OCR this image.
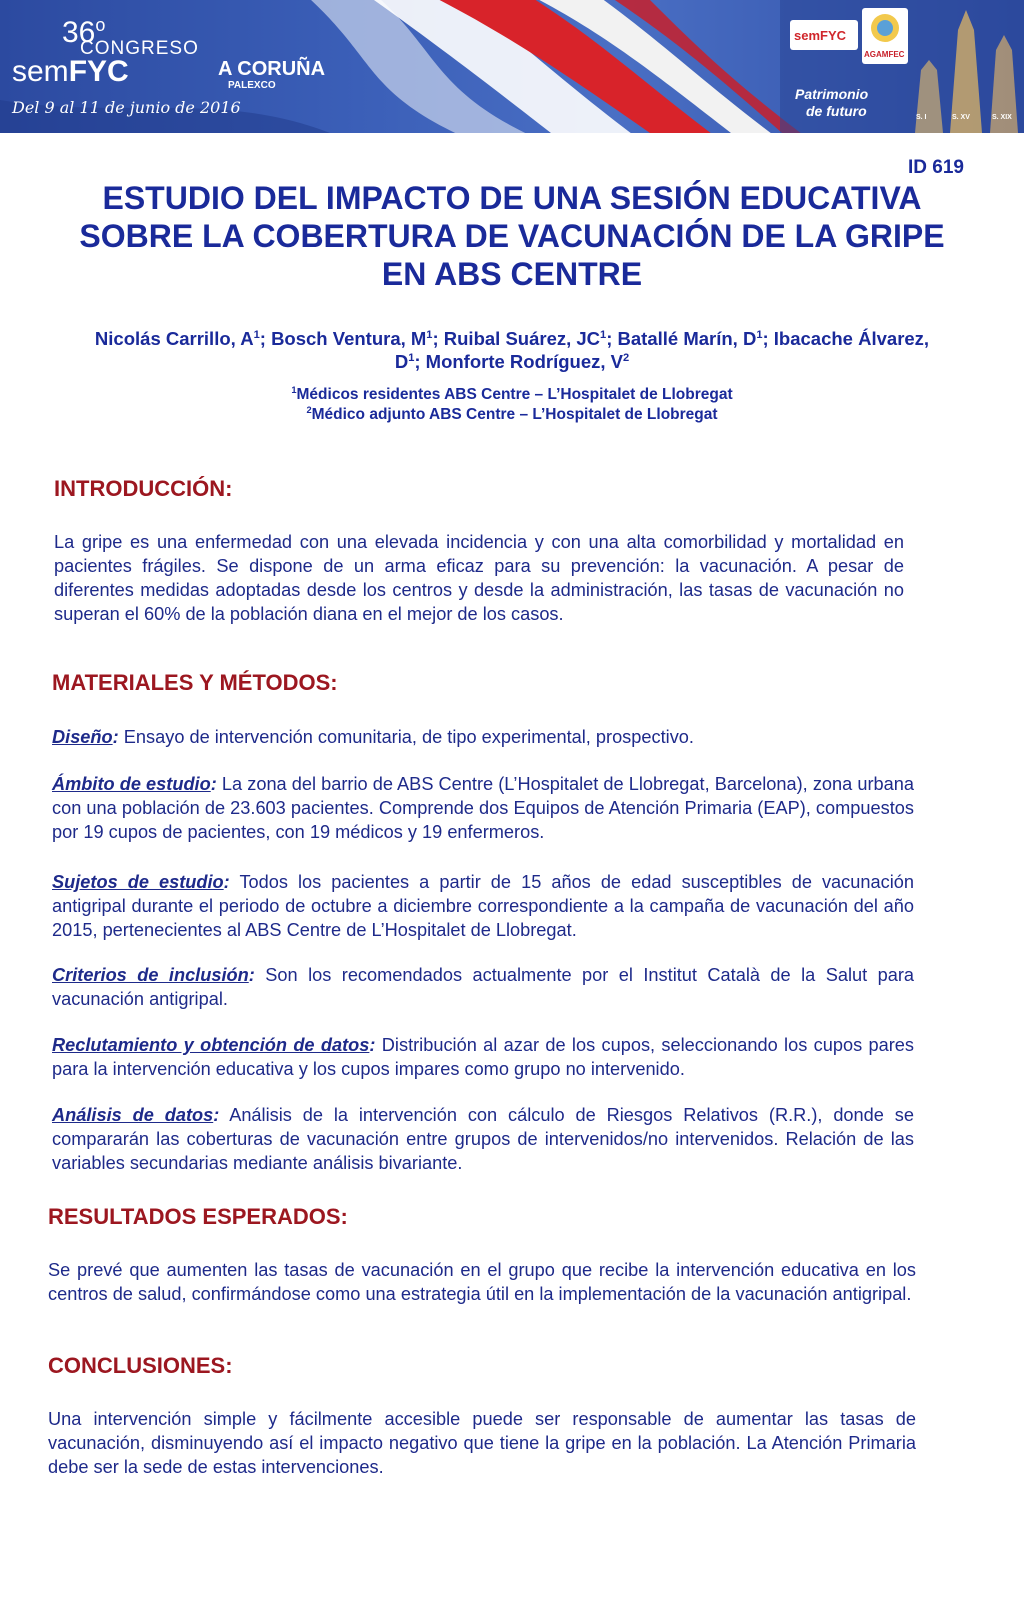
36$^o$
CONGRESO
semFYC	A CORUÑA
PALEXCO
Del 9 al 11 de junio de 2016
Patrimonio
de futuro
semFYC
AGAMFEC
S. I	S. XV	S. XIX
ID 619
ESTUDIO DEL IMPACTO DE UNA SESIÓN EDUCATIVA SOBRE LA COBERTURA DE VACUNACIÓN DE LA GRIPE EN ABS CENTRE
Nicolás Carrillo, $A^1$; Bosch Ventura, $M^1$; Ruibal Suárez, $JC^1$; Batallé Marín, $D^1$; Ibacache Álvarez, $D^1$; Monforte Rodríguez, $V^2$
$^1$Médicos residentes ABS Centre – L’Hospitalet de Llobregat
$^2$Médico adjunto ABS Centre – L’Hospitalet de Llobregat
INTRODUCCIÓN:
La gripe es una enfermedad con una elevada incidencia y con una alta comorbilidad y mortalidad en pacientes frágiles. Se dispone de un arma eficaz para su prevención: la vacunación. A pesar de diferentes medidas adoptadas desde los centros y desde la administración, las tasas de vacunación no superan el 60% de la población diana en el mejor de los casos.
MATERIALES Y MÉTODOS:
Diseño: Ensayo de intervención comunitaria, de tipo experimental, prospectivo.
Ámbito de estudio: La zona del barrio de ABS Centre (L’Hospitalet de Llobregat, Barcelona), zona urbana con una población de 23.603 pacientes. Comprende dos Equipos de Atención Primaria (EAP), compuestos por 19 cupos de pacientes, con 19 médicos y 19 enfermeros.
Sujetos de estudio: Todos los pacientes a partir de 15 años de edad susceptibles de vacunación antigripal durante el periodo de octubre a diciembre correspondiente a la campaña de vacunación del año 2015, pertenecientes al ABS Centre de L’Hospitalet de Llobregat.
Criterios de inclusión: Son los recomendados actualmente por el Institut Català de la Salut para vacunación antigripal.
Reclutamiento y obtención de datos: Distribución al azar de los cupos, seleccionando los cupos pares para la intervención educativa y los cupos impares como grupo no intervenido.
Análisis de datos: Análisis de la intervención con cálculo de Riesgos Relativos (R.R.), donde se compararán las coberturas de vacunación entre grupos de intervenidos/no intervenidos. Relación de las variables secundarias mediante análisis bivariante.
RESULTADOS ESPERADOS:
Se prevé que aumenten las tasas de vacunación en el grupo que recibe la intervención educativa en los centros de salud, confirmándose como una estrategia útil en la implementación de la vacunación antigripal.
CONCLUSIONES:
Una intervención simple y fácilmente accesible puede ser responsable de aumentar las tasas de vacunación, disminuyendo así el impacto negativo que tiene la gripe en la población. La Atención Primaria debe ser la sede de estas intervenciones.
